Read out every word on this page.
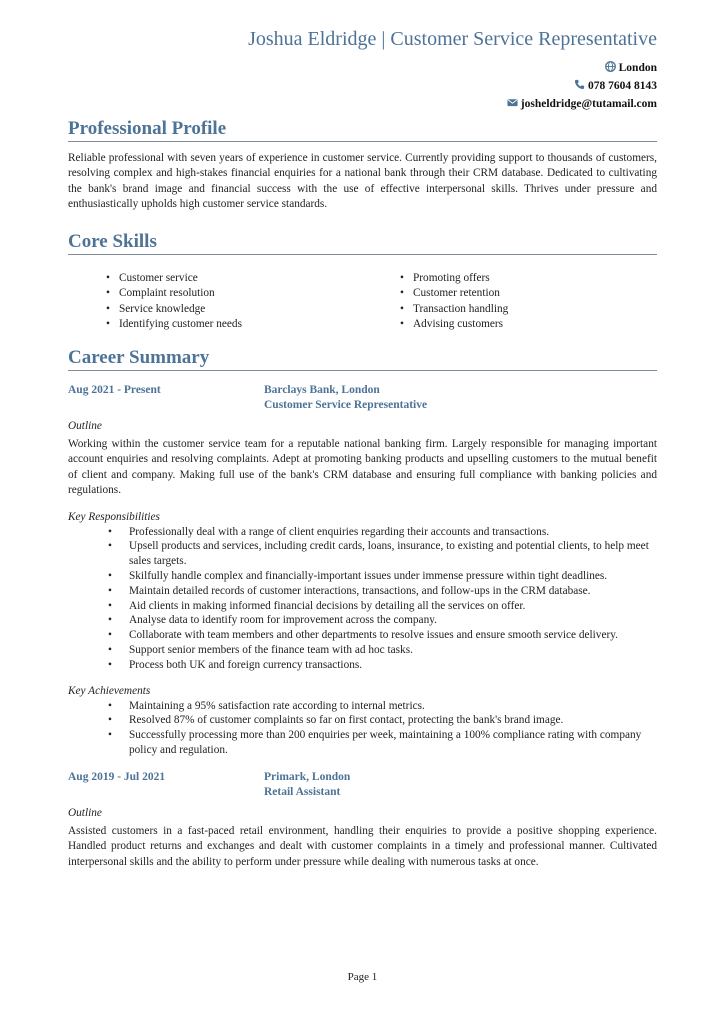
Joshua Eldridge | Customer Service Representative
London
078 7604 8143
josheldridge@tutamail.com
Professional Profile

Reliable professional with seven years of experience in customer service. Currently providing support to thousands of customers, resolving complex and high-stakes financial enquiries for a national bank through their CRM database. Dedicated to cultivating the bank's brand image and financial success with the use of effective interpersonal skills. Thrives under pressure and enthusiastically upholds high customer service standards.

Core Skills
• Customer service
• Complaint resolution
• Service knowledge
• Identifying customer needs
• Promoting offers
• Customer retention
• Transaction handling
• Advising customers
Career Summary
Aug 2021 - Present	Barclays Bank, London
Customer Service Representative
Outline

Working within the customer service team for a reputable national banking firm. Largely responsible for managing important account enquiries and resolving complaints. Adept at promoting banking products and upselling customers to the mutual benefit of client and company. Making full use of the bank's CRM database and ensuring full compliance with banking policies and regulations.

Key Responsibilities
• Professionally deal with a range of client enquiries regarding their accounts and transactions.
• Upsell products and services, including credit cards, loans, insurance, to existing and potential clients, to help meet sales targets.
• Skilfully handle complex and financially-important issues under immense pressure within tight deadlines.
• Maintain detailed records of customer interactions, transactions, and follow-ups in the CRM database.
• Aid clients in making informed financial decisions by detailing all the services on offer.
• Analyse data to identify room for improvement across the company.
• Collaborate with team members and other departments to resolve issues and ensure smooth service delivery.
• Support senior members of the finance team with ad hoc tasks.
• Process both UK and foreign currency transactions.
Key Achievements
• Maintaining a 95% satisfaction rate according to internal metrics.
• Resolved 87% of customer complaints so far on first contact, protecting the bank's brand image.
• Successfully processing more than 200 enquiries per week, maintaining a 100% compliance rating with company policy and regulation.
Aug 2019 - Jul 2021	Primark, London
Retail Assistant
Outline

Assisted customers in a fast-paced retail environment, handling their enquiries to provide a positive shopping experience. Handled product returns and exchanges and dealt with customer complaints in a timely and professional manner. Cultivated interpersonal skills and the ability to perform under pressure while dealing with numerous tasks at once.

Page 1
